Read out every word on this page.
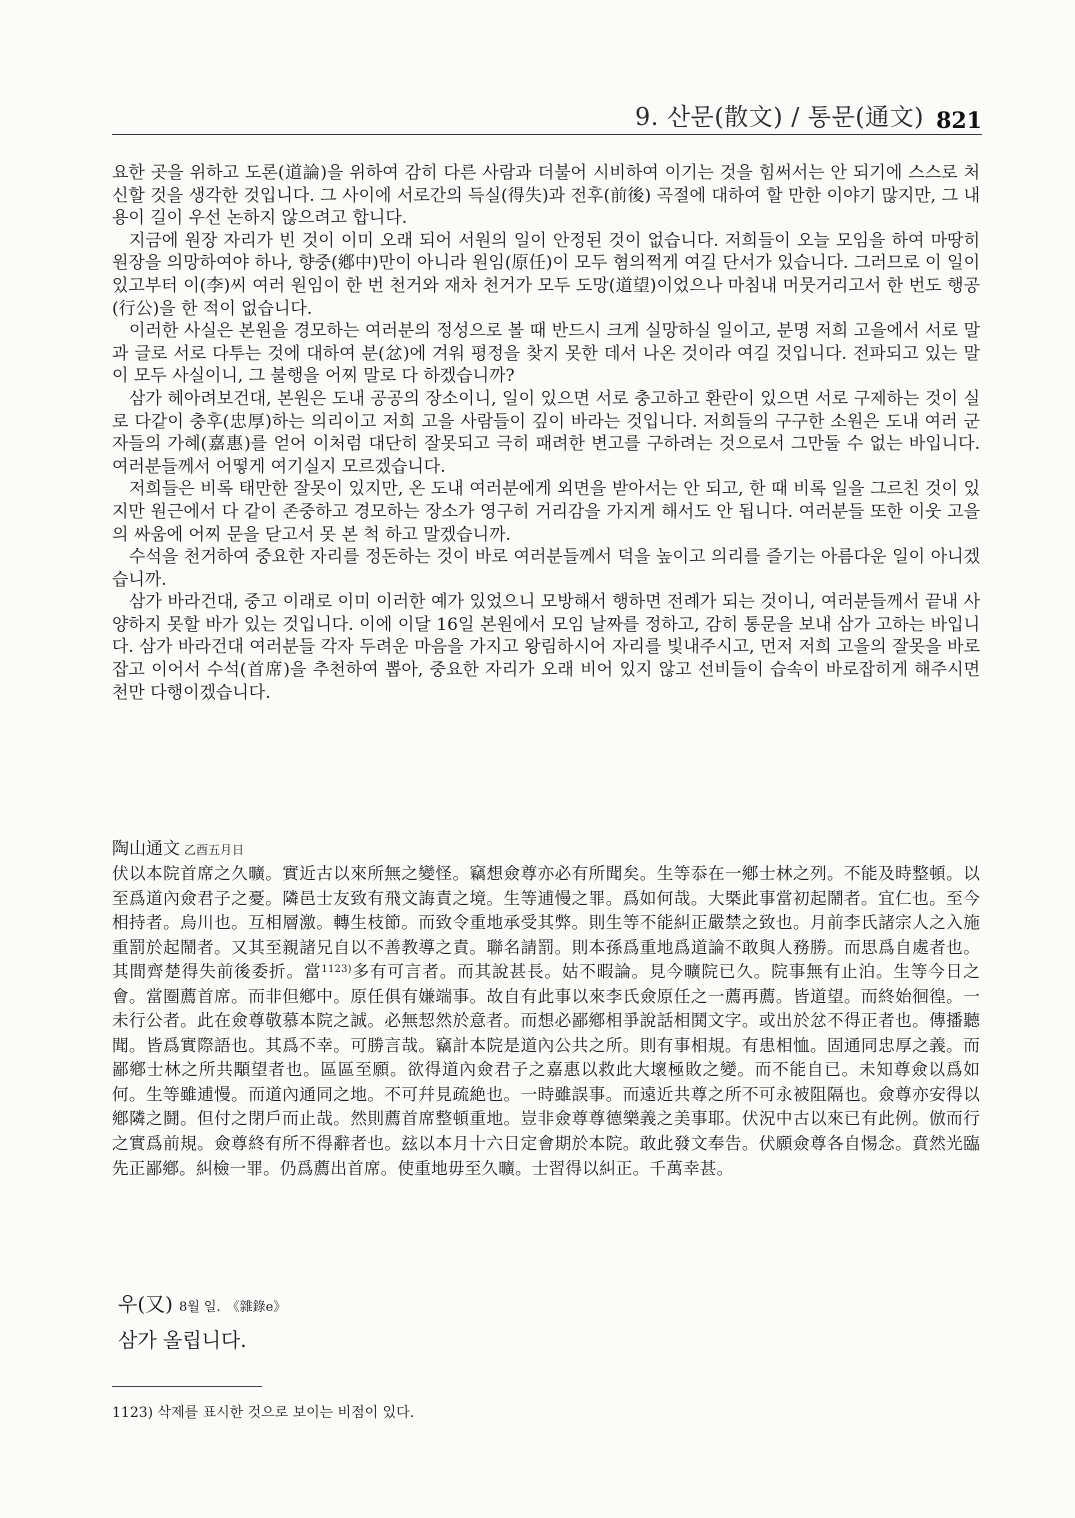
9. 산문(散文) / 통문(通文) 821

요한 곳을 위하고 도론(道論)을 위하여 감히 다른 사람과 더불어 시비하여 이기는 것을 힘써서는 안 되기에 스스로 처신할 것을 생각한 것입니다. 그 사이에 서로간의 득실(得失)과 전후(前後) 곡절에 대하여 할 만한 이야기 많지만, 그 내용이 길이 우선 논하지 않으려고 합니다.

지금에 원장 자리가 빈 것이 이미 오래 되어 서원의 일이 안정된 것이 없습니다. 저희들이 오늘 모임을 하여 마땅히 원장을 의망하여야 하나, 향중(鄕中)만이 아니라 원임(原任)이 모두 혐의쩍게 여길 단서가 있습니다. 그러므로 이 일이 있고부터 이(李)씨 여러 원임이 한 번 천거와 재차 천거가 모두 도망(道望)이었으나 마침내 머뭇거리고서 한 번도 행공(行公)을 한 적이 없습니다.

이러한 사실은 본원을 경모하는 여러분의 정성으로 볼 때 반드시 크게 실망하실 일이고, 분명 저희 고을에서 서로 말과 글로 서로 다투는 것에 대하여 분(忿)에 겨워 평정을 찾지 못한 데서 나온 것이라 여길 것입니다. 전파되고 있는 말이 모두 사실이니, 그 불행을 어찌 말로 다 하겠습니까?

삼가 헤아려보건대, 본원은 도내 공공의 장소이니, 일이 있으면 서로 충고하고 환란이 있으면 서로 구제하는 것이 실로 다같이 충후(忠厚)하는 의리이고 저희 고을 사람들이 깊이 바라는 것입니다. 저희들의 구구한 소원은 도내 여러 군자들의 가혜(嘉惠)를 얻어 이처럼 대단히 잘못되고 극히 패려한 변고를 구하려는 것으로서 그만둘 수 없는 바입니다. 여러분들께서 어떻게 여기실지 모르겠습니다.

저희들은 비록 태만한 잘못이 있지만, 온 도내 여러분에게 외면을 받아서는 안 되고, 한 때 비록 일을 그르친 것이 있지만 원근에서 다 같이 존중하고 경모하는 장소가 영구히 거리감을 가지게 해서도 안 됩니다. 여러분들 또한 이웃 고을의 싸움에 어찌 문을 닫고서 못 본 척 하고 말겠습니까.

수석을 천거하여 중요한 자리를 정돈하는 것이 바로 여러분들께서 덕을 높이고 의리를 즐기는 아름다운 일이 아니겠습니까.

삼가 바라건대, 중고 이래로 이미 이러한 예가 있었으니 모방해서 행하면 전례가 되는 것이니, 여러분들께서 끝내 사양하지 못할 바가 있는 것입니다. 이에 이달 16일 본원에서 모임 날짜를 정하고, 감히 통문을 보내 삼가 고하는 바입니다. 삼가 바라건대 여러분들 각자 두려운 마음을 가지고 왕림하시어 자리를 빛내주시고, 먼저 저희 고을의 잘못을 바로잡고 이어서 수석(首席)을 추천하여 뽑아, 중요한 자리가 오래 비어 있지 않고 선비들이 습속이 바로잡히게 해주시면 천만 다행이겠습니다.

陶山通文 乙酉五月日
伏以本院首席之久曠。實近古以來所無之變怪。竊想僉尊亦必有所聞矣。生等忝在一鄕士林之列。不能及時整頓。以至爲道內僉君子之憂。隣邑士友致有飛文誨責之境。生等逋慢之罪。爲如何哉。大槩此事當初起鬧者。宜仁也。至今相持者。烏川也。互相層激。轉生枝節。而致令重地承受其弊。則生等不能糾正嚴禁之致也。月前李氏諸宗人之入施重罰於起鬧者。又其至親諸兄自以不善教導之責。聯名請罰。則本孫爲重地爲道論不敢與人務勝。而思爲自處者也。其間齊楚得失前後委折。當$^{1123)}$多有可言者。而其說甚長。姑不暇論。見今曠院已久。院事無有止泊。生等今日之會。當圈薦首席。而非但鄕中。原任俱有嫌端事。故自有此事以來李氏僉原任之一薦再薦。皆道望。而終始徊徨。一未行公者。此在僉尊敬慕本院之誠。必無恝然於意者。而想必鄙鄕相爭說話相鬨文字。或出於忿不得正者也。傳播聽聞。皆爲實際語也。其爲不幸。可勝言哉。竊計本院是道內公共之所。則有事相規。有患相恤。固通同忠厚之義。而鄙鄕士林之所共顒望者也。區區至願。欲得道內僉君子之嘉惠以救此大壞極敗之變。而不能自已。未知尊僉以爲如何。生等雖逋慢。而道內通同之地。不可幷見疏絶也。一時雖誤事。而遠近共尊之所不可永被阻隔也。僉尊亦安得以鄕隣之鬪。但付之閉戶而止哉。然則薦首席整頓重地。豈非僉尊尊德樂義之美事耶。伏況中古以來已有此例。倣而行之實爲前規。僉尊終有所不得辭者也。玆以本月十六日定會期於本院。敢此發文奉告。伏願僉尊各自惕念。賁然光臨先正鄙鄕。糾檢一罪。仍爲薦出首席。使重地毋至久曠。士習得以糾正。千萬幸甚。
우(又) 8월 일. 《雜錄e》
삼가 올립니다.
1123) 삭제를 표시한 것으로 보이는 비점이 있다.
